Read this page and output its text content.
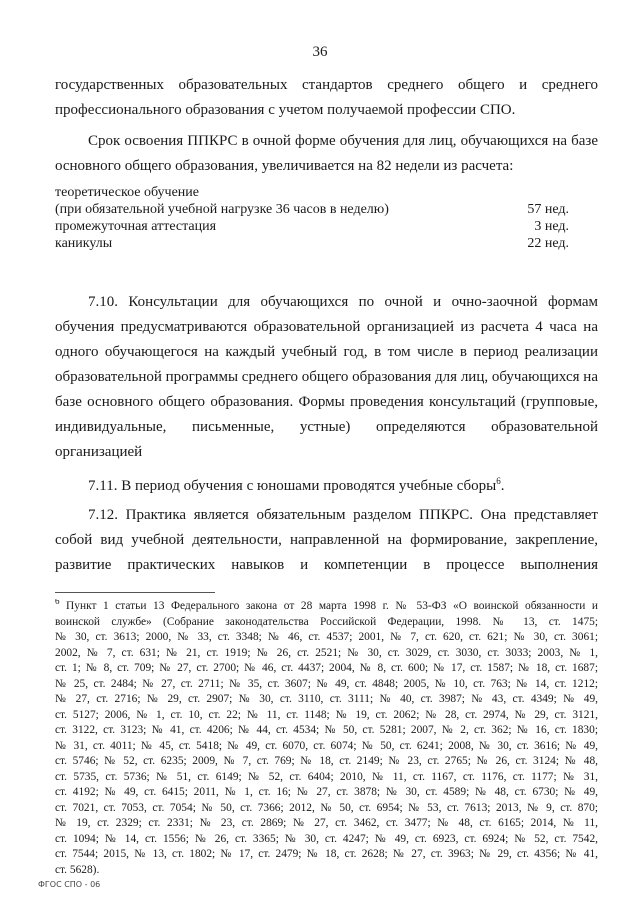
36
государственных образовательных стандартов среднего общего и среднего
профессионального образования с учетом получаемой профессии СПО.
Срок освоения ППКРС в очной форме обучения для лиц, обучающихся на базе
основного общего образования, увеличивается на 82 недели из расчета:
теоретическое обучение
(при обязательной учебной нагрузке 36 часов в неделю)	57 нед.
промежуточная аттестация	3 нед.
каникулы	22 нед.
7.10. Консультации для обучающихся по очной и очно-заочной формам
обучения предусматриваются образовательной организацией из расчета 4 часа на
одного обучающегося на каждый учебный год, в том числе в период реализации
образовательной программы среднего общего образования для лиц, обучающихся на
базе основного общего образования. Формы проведения консультаций (групповые,
индивидуальные, письменные, устные) определяются образовательной
организацией
7.11. В период обучения с юношами проводятся учебные сборы$^6$.
7.12. Практика является обязательным разделом ППКРС. Она представляет
собой вид учебной деятельности, направленной на формирование, закрепление,
развитие практических навыков и компетенции в процессе выполнения
$^6$ Пункт 1 статьи 13 Федерального закона от 28 марта 1998 г. № 53-ФЗ «О воинской обязанности и
воинской службе» (Собрание законодательства Российской Федерации, 1998. № 13, ст. 1475;
№ 30, ст. 3613; 2000, № 33, ст. 3348; № 46, ст. 4537; 2001, № 7, ст. 620, ст. 621; № 30, ст. 3061;
2002, № 7, ст. 631; № 21, ст. 1919; № 26, ст. 2521; № 30, ст. 3029, ст. 3030, ст. 3033; 2003, № 1,
ст. 1; № 8, ст. 709; № 27, ст. 2700; № 46, ст. 4437; 2004, № 8, ст. 600; № 17, ст. 1587; № 18, ст. 1687;
№ 25, ст. 2484; № 27, ст. 2711; № 35, ст. 3607; № 49, ст. 4848; 2005, № 10, ст. 763; № 14, ст. 1212;
№ 27, ст. 2716; № 29, ст. 2907; № 30, ст. 3110, ст. 3111; № 40, ст. 3987; № 43, ст. 4349; № 49,
ст. 5127; 2006, № 1, ст. 10, ст. 22; № 11, ст. 1148; № 19, ст. 2062; № 28, ст. 2974, № 29, ст. 3121,
ст. 3122, ст. 3123; № 41, ст. 4206; № 44, ст. 4534; № 50, ст. 5281; 2007, № 2, ст. 362; № 16, ст. 1830;
№ 31, ст. 4011; № 45, ст. 5418; № 49, ст. 6070, ст. 6074; № 50, ст. 6241; 2008, № 30, ст. 3616; № 49,
ст. 5746; № 52, ст. 6235; 2009, № 7, ст. 769; № 18, ст. 2149; № 23, ст. 2765; № 26, ст. 3124; № 48,
ст. 5735, ст. 5736; № 51, ст. 6149; № 52, ст. 6404; 2010, № 11, ст. 1167, ст. 1176, ст. 1177; № 31,
ст. 4192; № 49, ст. 6415; 2011, № 1, ст. 16; № 27, ст. 3878; № 30, ст. 4589; № 48, ст. 6730; № 49,
ст. 7021, ст. 7053, ст. 7054; № 50, ст. 7366; 2012, № 50, ст. 6954; № 53, ст. 7613; 2013, № 9, ст. 870;
№ 19, ст. 2329; ст. 2331; № 23, ст. 2869; № 27, ст. 3462, ст. 3477; № 48, ст. 6165; 2014, № 11,
ст. 1094; № 14, ст. 1556; № 26, ст. 3365; № 30, ст. 4247; № 49, ст. 6923, ст. 6924; № 52, ст. 7542,
ст. 7544; 2015, № 13, ст. 1802; № 17, ст. 2479; № 18, ст. 2628; № 27, ст. 3963; № 29, ст. 4356; № 41,
ст. 5628).
ФГОС СПО - 06
